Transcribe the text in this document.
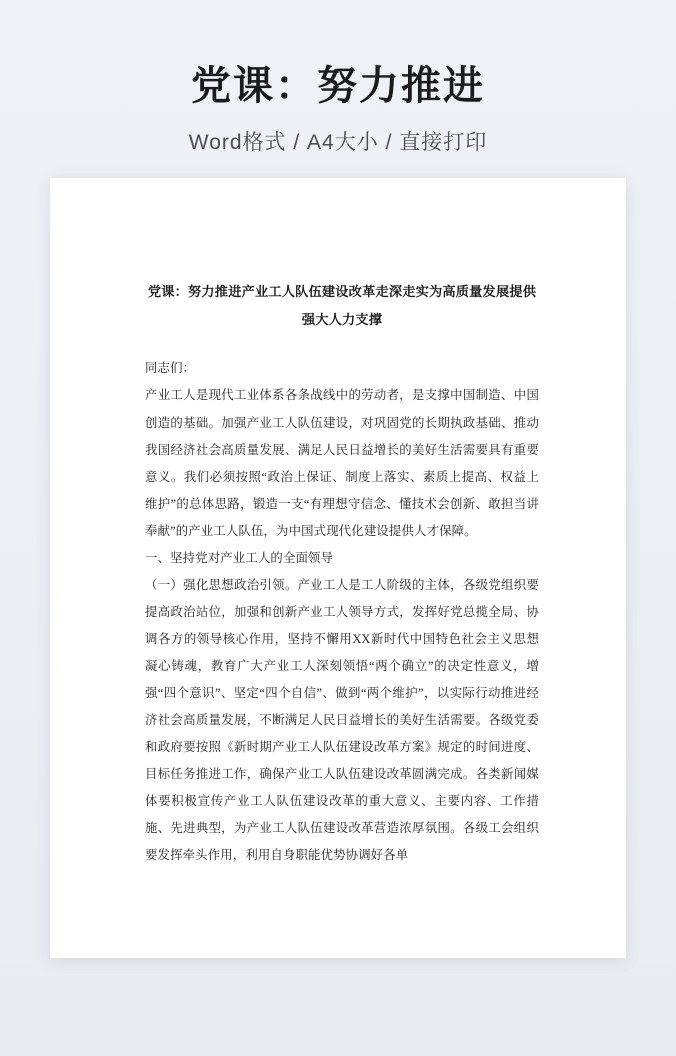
党课：努力推进
Word格式 / A4大小 / 直接打印
党课：努力推进产业工人队伍建设改革走深走实为高质量发展提供强大人力支撑

同志们：

产业工人是现代工业体系各条战线中的劳动者，是支撑中国制造、中国创造的基础。加强产业工人队伍建设，对巩固党的长期执政基础、推动我国经济社会高质量发展、满足人民日益增长的美好生活需要具有重要意义。我们必须按照“政治上保证、制度上落实、素质上提高、权益上维护”的总体思路，锻造一支“有理想守信念、懂技术会创新、敢担当讲奉献”的产业工人队伍，为中国式现代化建设提供人才保障。

一、坚持党对产业工人的全面领导

（一）强化思想政治引领。产业工人是工人阶级的主体，各级党组织要提高政治站位，加强和创新产业工人领导方式，发挥好党总揽全局、协调各方的领导核心作用，坚持不懈用XX新时代中国特色社会主义思想凝心铸魂，教育广大产业工人深刻领悟“两个确立”的决定性意义，增强“四个意识”、坚定“四个自信”、做到“两个维护”，以实际行动推进经济社会高质量发展，不断满足人民日益增长的美好生活需要。各级党委和政府要按照《新时期产业工人队伍建设改革方案》规定的时间进度、目标任务推进工作，确保产业工人队伍建设改革圆满完成。各类新闻媒体要积极宣传产业工人队伍建设改革的重大意义、主要内容、工作措施、先进典型，为产业工人队伍建设改革营造浓厚氛围。各级工会组织要发挥牵头作用，利用自身职能优势协调好各单
